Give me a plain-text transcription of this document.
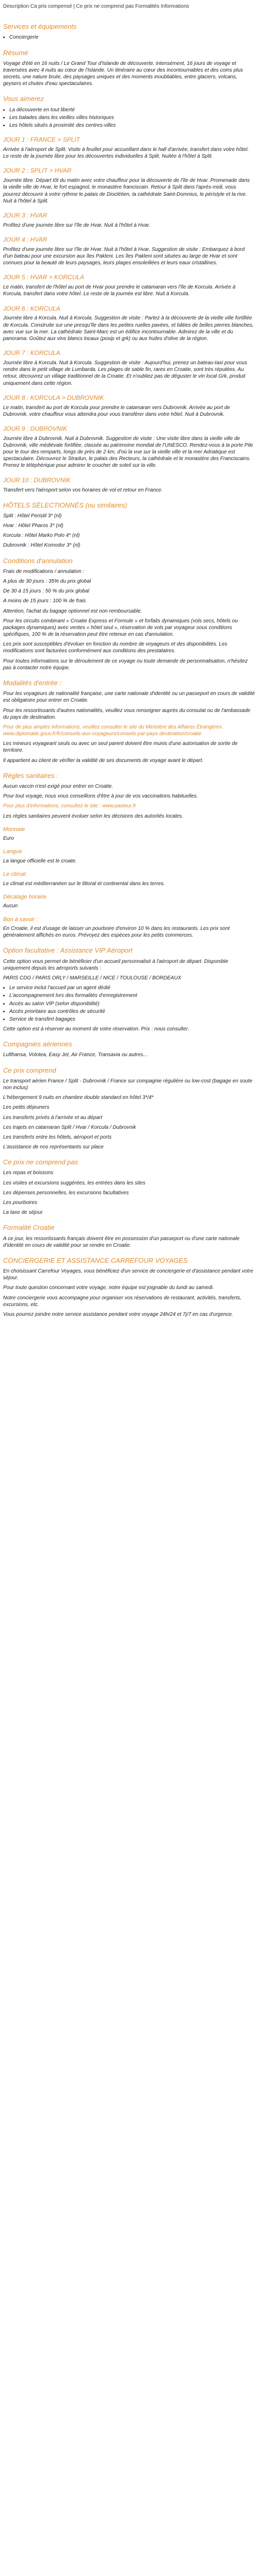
Description Ca pris compensé | Ce prix ne comprend pas Formalités Informations
Services et équipements
• Conciergerie
Résumé

Voyage d'été en 16 nuits / Le Grand Tour d'Islande de découverte, intensément, 16 jours de voyage et traversées avec 4 nuits au cœur de l'Islande. Un itinéraire au cœur des incontournables et des coins plus secrets, une nature brute, des paysages uniques et des moments inoubliables, entre glaciers, volcans, geysers et chutes d'eau spectaculaires.

Vous aimerez
• La découverte en tout liberté
• Les balades dans les vieilles villes historiques
• Les hôtels situés à proximité des centres-villes
JOUR 1 : FRANCE > SPLIT

Arrivée à l'aéroport de Split. Visite à feuillet pour accueillant dans le hall d'arrivée, transfert dans votre hôtel. Le reste de la journée libre pour les découvertes individuelles à Split. Nuitée à l'hôtel à Split.

JOUR 2 : SPLIT > HVAR

Journée libre. Départ tôt du matin avec votre chauffeur pour la découverte de l'île de Hvar. Promenade dans la vieille ville de Hvar, le fort espagnol, le monastère franciscain. Retour à Split dans l'après-midi, vous pourrez découvrir à votre rythme le palais de Dioclétien, la cathédrale Saint-Domnius, le péristyle et la rive. Nuit à l'hôtel à Split.

JOUR 3 : HVAR

Profitez d'une journée libre sur l'île de Hvar. Nuit à l'hôtel à Hvar.

JOUR 4 : HVAR

Profitez d'une journée libre sur l'île de Hvar. Nuit à l'hôtel à Hvar. Suggestion de visite : Embarquez à bord d'un bateau pour une excursion aux îles Pakleni. Les îles Pakleni sont situées au large de Hvar et sont connues pour la beauté de leurs paysages, leurs plages ensoleillées et leurs eaux cristallines.

JOUR 5 : HVAR > KORCULA

Le matin, transfert de l'hôtel au port de Hvar pour prendre le catamaran vers l'île de Korcula. Arrivée à Korcula, transfert dans votre hôtel. Le reste de la journée est libre. Nuit à Korcula.

JOUR 6 : KORCULA

Journée libre à Korcula. Nuit à Korcula. Suggestion de visite : Partez à la découverte de la vieille ville fortifiée de Korcula. Construite sur une presqu'île dans les petites ruelles pavées, et bâties de belles pierres blanches, avec vue sur la mer. La cathédrale Saint-Marc est un édifice incontournable. Admirez de la ville et du panorama. Goûtez aux vins blancs locaux (posip et grk) ou aux huiles d'olive de la région.

JOUR 7 : KORCULA

Journée libre à Korcula. Nuit à Korcula. Suggestion de visite : Aujourd'hui, prenez un bateau-taxi pour vous rendre dans le petit village de Lumbarda. Les plages de sable fin, rares en Croatie, sont très réputées. Au retour, découvrez un village traditionnel de la Croatie. Et n'oubliez pas de déguster le vin local Grk, produit uniquement dans cette région.

JOUR 8 : KORCULA > DUBROVNIK

Le matin, transfert au port de Korcula pour prendre le catamaran vers Dubrovnik. Arrivée au port de Dubrovnik, votre chauffeur vous attendra pour vous transférer dans votre hôtel. Nuit à Dubrovnik.

JOUR 9 : DUBROVNIK

Journée libre à Dubrovnik. Nuit à Dubrovnik. Suggestion de visite : Une visite libre dans la vieille ville de Dubrovnik, ville médiévale fortifiée, classée au patrimoine mondial de l'UNESCO. Rendez-vous à la porte Pile pour le tour des remparts, longs de près de 2 km, d'où la vue sur la vieille ville et la mer Adriatique est spectaculaire. Découvrez le Stradun, le palais des Recteurs, la cathédrale et le monastère des Franciscains. Prenez le téléphérique pour admirer le coucher de soleil sur la ville.

JOUR 10 : DUBROVNIK

Transfert vers l'aéroport selon vos horaires de vol et retour en France.

HÔTELS SÉLECTIONNÉS (ou similaires)

Split : Hôtel Peristil 3* (nl)

Hvar : Hôtel Pharos 3* (nl)

Korcula : Hôtel Marko Polo 4* (nl)

Dubrovnik : Hôtel Komodor 3* (nl)

Conditions d'annulation

Frais de modifications / annulation :

A plus de 30 jours : 35% du prix global

De 30 à 15 jours : 50 % du prix global

A moins de 15 jours : 100 % de frais

Attention, l'achat du bagage optionnel est non remboursable.

Pour les circuits combinant « Croatie Express et Formule » et forfaits dynamiques (vols secs, hôtels ou packages dynamiques) avec ventes « hôtel seul », réservation de vols par voyageur sous conditions spécifiques, 100 % de la réservation peut être retenue en cas d'annulation.

Les prix sont susceptibles d'évoluer en fonction du nombre de voyageurs et des disponibilités. Les modifications sont facturées conformément aux conditions des prestataires.

Pour toutes informations sur le déroulement de ce voyage ou toute demande de personnalisation, n'hésitez pas à contacter notre équipe.

Modalités d'entrée :

Pour les voyageurs de nationalité française, une carte nationale d'identité ou un passeport en cours de validité est obligatoire pour entrer en Croatie.

Pour les ressortissants d'autres nationalités, veuillez vous renseigner auprès du consulat ou de l'ambassade du pays de destination.

Pour de plus amples informations, veuillez consulter le site du Ministère des Affaires Étrangères : www.diplomatie.gouv.fr/fr/conseils-aux-voyageurs/conseils-par-pays-destination/croatie

Les mineurs voyageant seuls ou avec un seul parent doivent être munis d'une autorisation de sortie de territoire.

Il appartient au client de vérifier la validité de ses documents de voyage avant le départ.

Règles sanitaires :

Aucun vaccin n'est exigé pour entrer en Croatie.

Pour tout voyage, nous vous conseillons d'être à jour de vos vaccinations habituelles.

Pour plus d'informations, consultez le site : www.pasteur.fr

Les règles sanitaires peuvent évoluer selon les décisions des autorités locales.

Monnaie

Euro

Langue

La langue officielle est le croate.

Le climat

Le climat est méditerranéen sur le littoral et continental dans les terres.

Décalage horaire

Aucun

Bon à savoir :

En Croatie, il est d'usage de laisser un pourboire d'environ 10 % dans les restaurants. Les prix sont généralement affichés en euros. Prévoyez des espèces pour les petits commerces.

Option facultative : Assistance VIP Aéroport

Cette option vous permet de bénéficier d'un accueil personnalisé à l'aéroport de départ. Disponible uniquement depuis les aéroports suivants :

PARIS CDG / PARIS ORLY / MARSEILLE / NICE / TOULOUSE / BORDEAUX

• Le service inclut l'accueil par un agent dédié
• L'accompagnement lors des formalités d'enregistrement
• Accès au salon VIP (selon disponibilité)
• Accès prioritaire aux contrôles de sécurité
• Service de transfert bagages

Cette option est à réserver au moment de votre réservation. Prix : nous consulter.

Compagnies aériennes

Lufthansa, Volotea, Easy Jet, Air France, Transavia ou autres...

Ce prix comprend

Le transport aérien France / Split - Dubrovnik / France sur compagnie régulière ou low-cost (bagage en soute non inclus)

L'hébergement 9 nuits en chambre double standard en hôtel 3*/4*

Les petits déjeuners

Les transferts privés à l'arrivée et au départ

Les trajets en catamaran Split / Hvar / Korcula / Dubrovnik

Les transferts entre les hôtels, aéroport et ports

L'assistance de nos représentants sur place

Ce prix ne comprend pas

Les repas et boissons

Les visites et excursions suggérées, les entrées dans les sites

Les dépenses personnelles, les excursions facultatives

Les pourboires

La taxe de séjour

Formalité Croatie

A ce jour, les ressortissants français doivent être en possession d'un passeport ou d'une carte nationale d'identité en cours de validité pour se rendre en Croatie.

CONCIERGERIE ET ASSISTANCE CARREFOUR VOYAGES

En choisissant Carrefour Voyages, vous bénéficiez d'un service de conciergerie et d'assistance pendant votre séjour.

Pour toute question concernant votre voyage, notre équipe est joignable du lundi au samedi.

Notre conciergerie vous accompagne pour organiser vos réservations de restaurant, activités, transferts, excursions, etc.

Vous pourrez joindre notre service assistance pendant votre voyage 24h/24 et 7j/7 en cas d'urgence.
